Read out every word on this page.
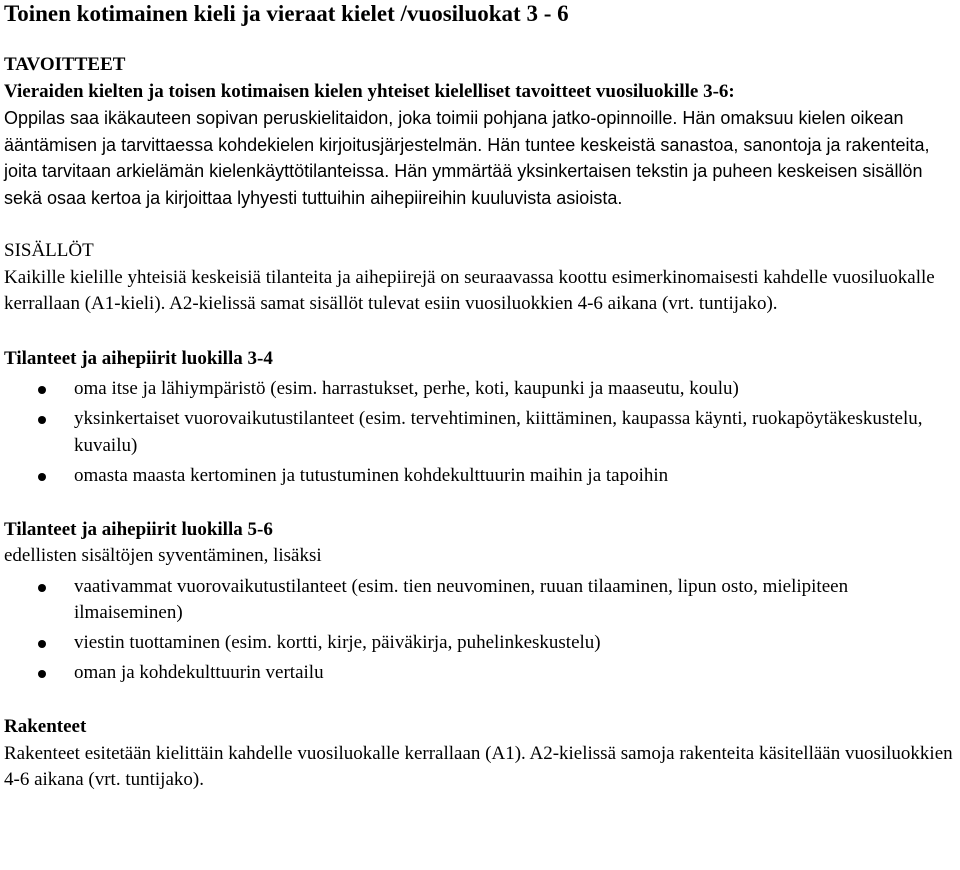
Toinen kotimainen kieli ja vieraat kielet /vuosiluokat 3 - 6

TAVOITTEET

Vieraiden kielten ja toisen kotimaisen kielen yhteiset kielelliset tavoitteet vuosiluokille 3-6:

Oppilas saa ikäkauteen sopivan peruskielitaidon, joka toimii pohjana jatko-opinnoille. Hän omaksuu kielen oikean ääntämisen ja tarvittaessa kohdekielen kirjoitusjärjestelmän. Hän tuntee keskeistä sanastoa, sanontoja ja rakenteita, joita tarvitaan arkielämän kielenkäyttötilanteissa. Hän ymmärtää yksinkertaisen tekstin ja puheen keskeisen sisällön sekä osaa kertoa ja kirjoittaa lyhyesti tuttuihin aihepiireihin kuuluvista asioista.

SISÄLLÖT

Kaikille kielille yhteisiä keskeisiä tilanteita ja aihepiirejä on seuraavassa koottu esimerkinomaisesti kahdelle vuosiluokalle kerrallaan (A1-kieli). A2-kielissä samat sisällöt tulevat esiin vuosiluokkien 4-6 aikana (vrt. tuntijako).

Tilanteet ja aihepiirit luokilla 3-4

oma itse ja lähiympäristö (esim. harrastukset, perhe, koti, kaupunki ja maaseutu, koulu)
yksinkertaiset vuorovaikutustilanteet (esim. tervehtiminen, kiittäminen, kaupassa käynti, ruokapöytäkeskustelu, kuvailu)
omasta maasta kertominen ja tutustuminen kohdekulttuurin maihin ja tapoihin

Tilanteet ja aihepiirit luokilla 5-6

edellisten sisältöjen syventäminen, lisäksi

vaativammat vuorovaikutustilanteet (esim. tien neuvominen, ruuan tilaaminen, lipun osto, mielipiteen ilmaiseminen)
viestin tuottaminen (esim. kortti, kirje, päiväkirja, puhelinkeskustelu)
oman ja kohdekulttuurin vertailu

Rakenteet

Rakenteet esitetään kielittäin kahdelle vuosiluokalle kerrallaan (A1). A2-kielissä samoja rakenteita käsitellään vuosiluokkien 4-6 aikana (vrt. tuntijako).
